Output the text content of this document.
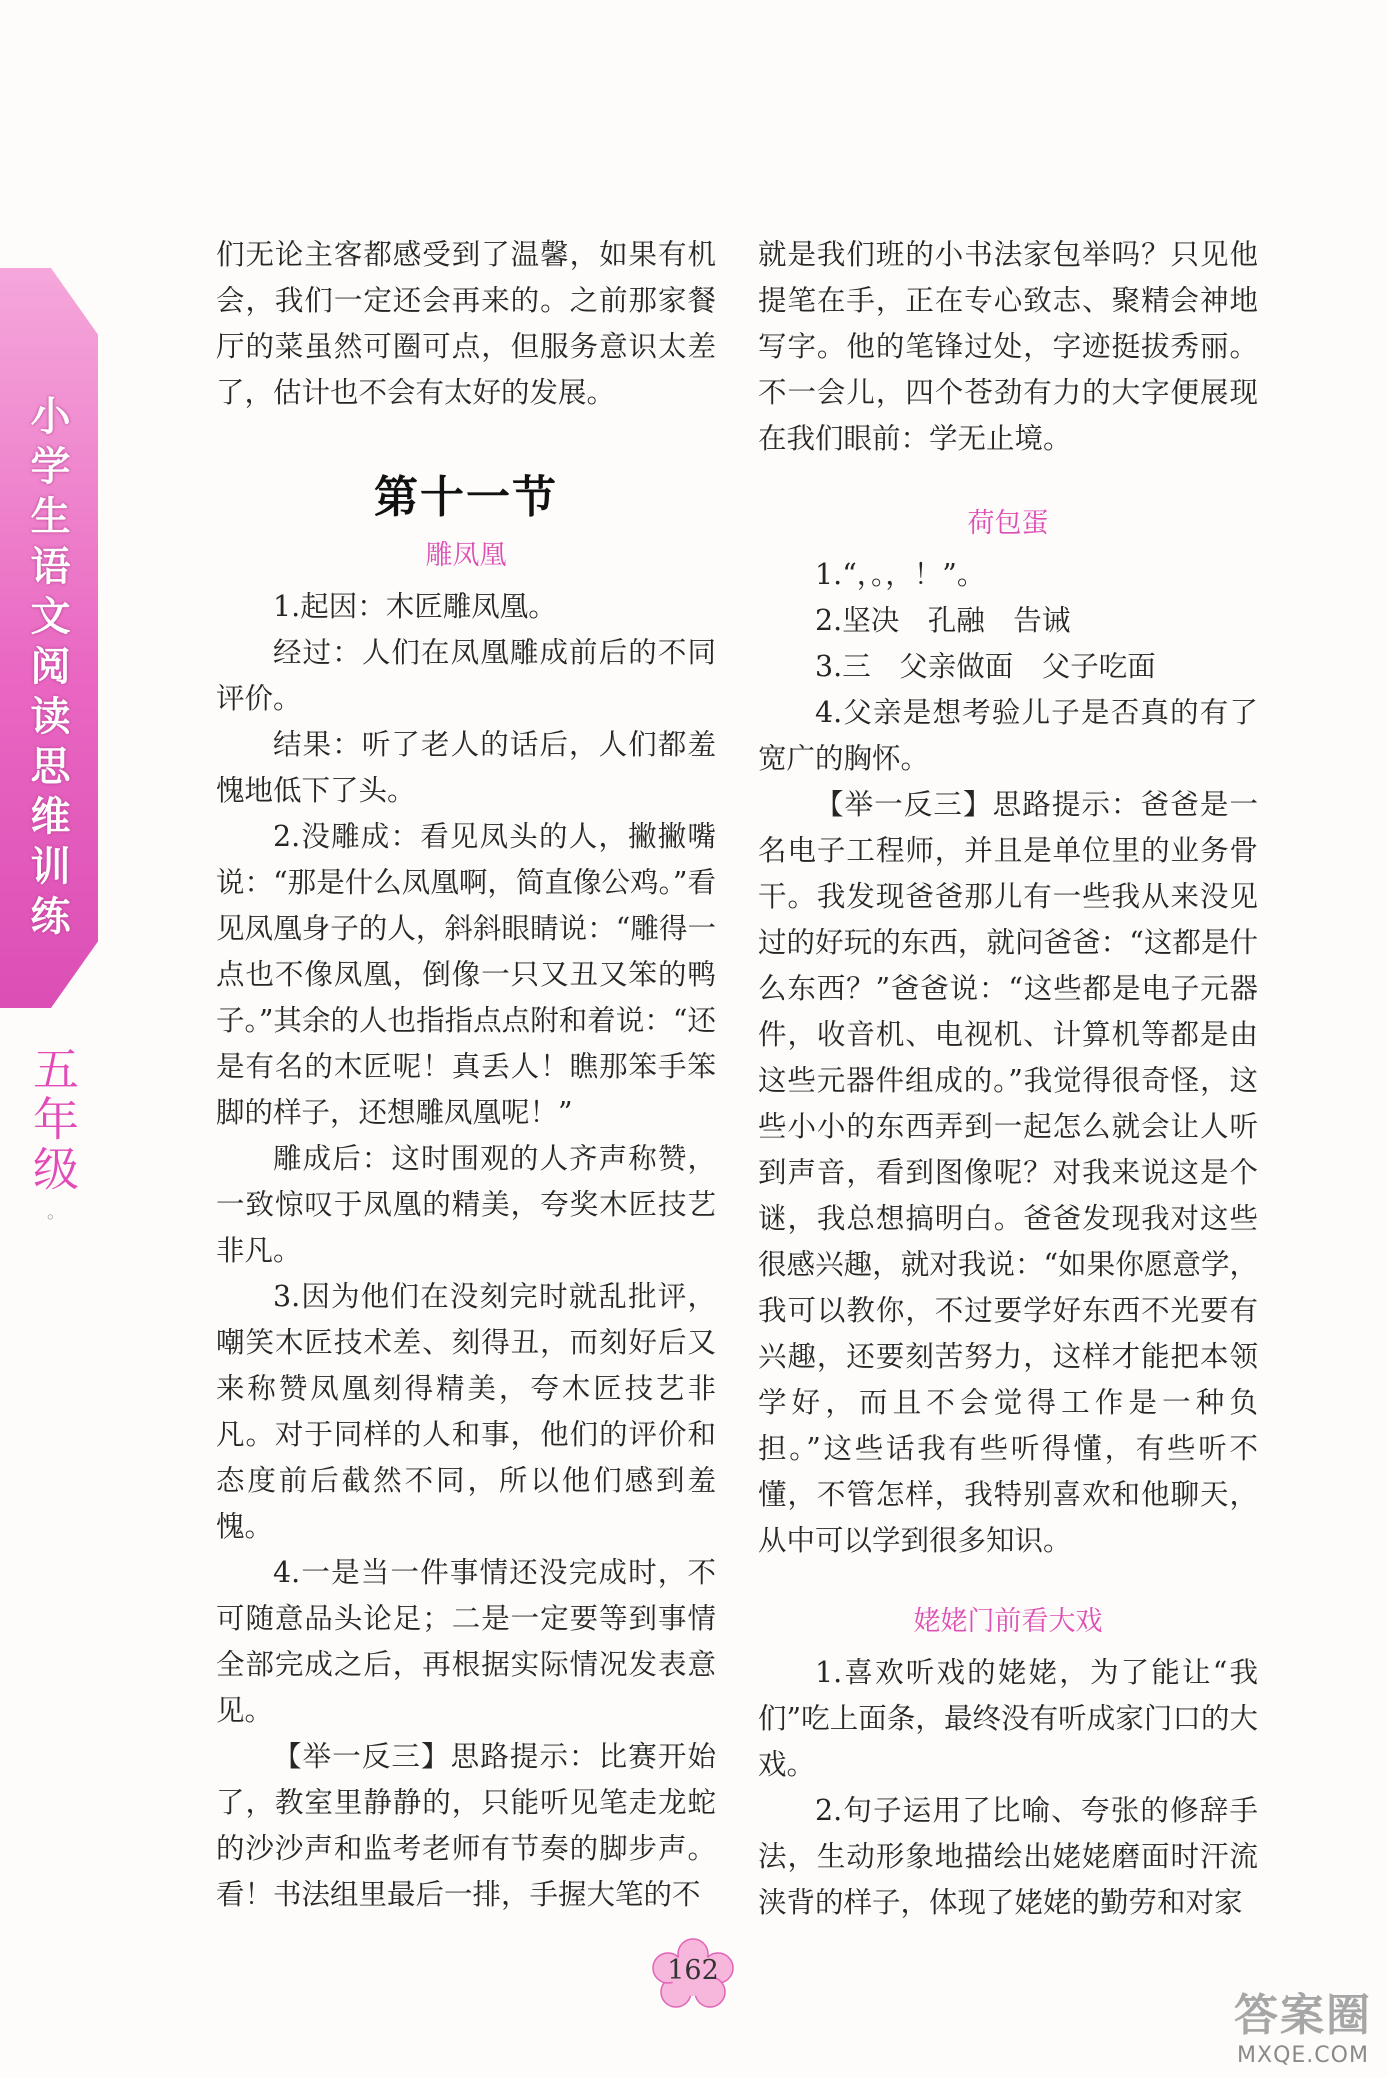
小学生语文阅读思维训练
五年级
。

们无论主客都感受到了温馨，如果有机会，我们一定还会再来的。之前那家餐厅的菜虽然可圈可点，但服务意识太差了，估计也不会有太好的发展。

第十一节
雕凤凰

1.起因：木匠雕凤凰。

经过：人们在凤凰雕成前后的不同评价。

结果：听了老人的话后，人们都羞愧地低下了头。

2.没雕成：看见凤头的人，撇撇嘴说：“那是什么凤凰啊，简直像公鸡。”看见凤凰身子的人，斜斜眼睛说：“雕得一点也不像凤凰，倒像一只又丑又笨的鸭子。”其余的人也指指点点附和着说：“还是有名的木匠呢！真丢人！瞧那笨手笨脚的样子，还想雕凤凰呢！”

雕成后：这时围观的人齐声称赞，一致惊叹于凤凰的精美，夸奖木匠技艺非凡。

3.因为他们在没刻完时就乱批评，嘲笑木匠技术差、刻得丑，而刻好后又来称赞凤凰刻得精美，夸木匠技艺非凡。对于同样的人和事，他们的评价和态度前后截然不同，所以他们感到羞愧。

4.一是当一件事情还没完成时，不可随意品头论足；二是一定要等到事情全部完成之后，再根据实际情况发表意见。

【举一反三】思路提示：比赛开始了，教室里静静的，只能听见笔走龙蛇的沙沙声和监考老师有节奏的脚步声。看！书法组里最后一排，手握大笔的不

就是我们班的小书法家包举吗？只见他提笔在手，正在专心致志、聚精会神地写字。他的笔锋过处，字迹挺拔秀丽。不一会儿，四个苍劲有力的大字便展现在我们眼前：学无止境。

荷包蛋

1.“，。，！”。

2.坚决　孔融　告诫

3.三　父亲做面　父子吃面

4.父亲是想考验儿子是否真的有了宽广的胸怀。

【举一反三】思路提示：爸爸是一名电子工程师，并且是单位里的业务骨干。我发现爸爸那儿有一些我从来没见过的好玩的东西，就问爸爸：“这都是什么东西？”爸爸说：“这些都是电子元器件，收音机、电视机、计算机等都是由这些元器件组成的。”我觉得很奇怪，这些小小的东西弄到一起怎么就会让人听到声音，看到图像呢？对我来说这是个谜，我总想搞明白。爸爸发现我对这些很感兴趣，就对我说：“如果你愿意学，我可以教你，不过要学好东西不光要有兴趣，还要刻苦努力，这样才能把本领学好，而且不会觉得工作是一种负担。”这些话我有些听得懂，有些听不懂，不管怎样，我特别喜欢和他聊天，从中可以学到很多知识。

姥姥门前看大戏

1.喜欢听戏的姥姥，为了能让“我们”吃上面条，最终没有听成家门口的大戏。

2.句子运用了比喻、夸张的修辞手法，生动形象地描绘出姥姥磨面时汗流浃背的样子，体现了姥姥的勤劳和对家

162
答案圈
MXQE.COM
